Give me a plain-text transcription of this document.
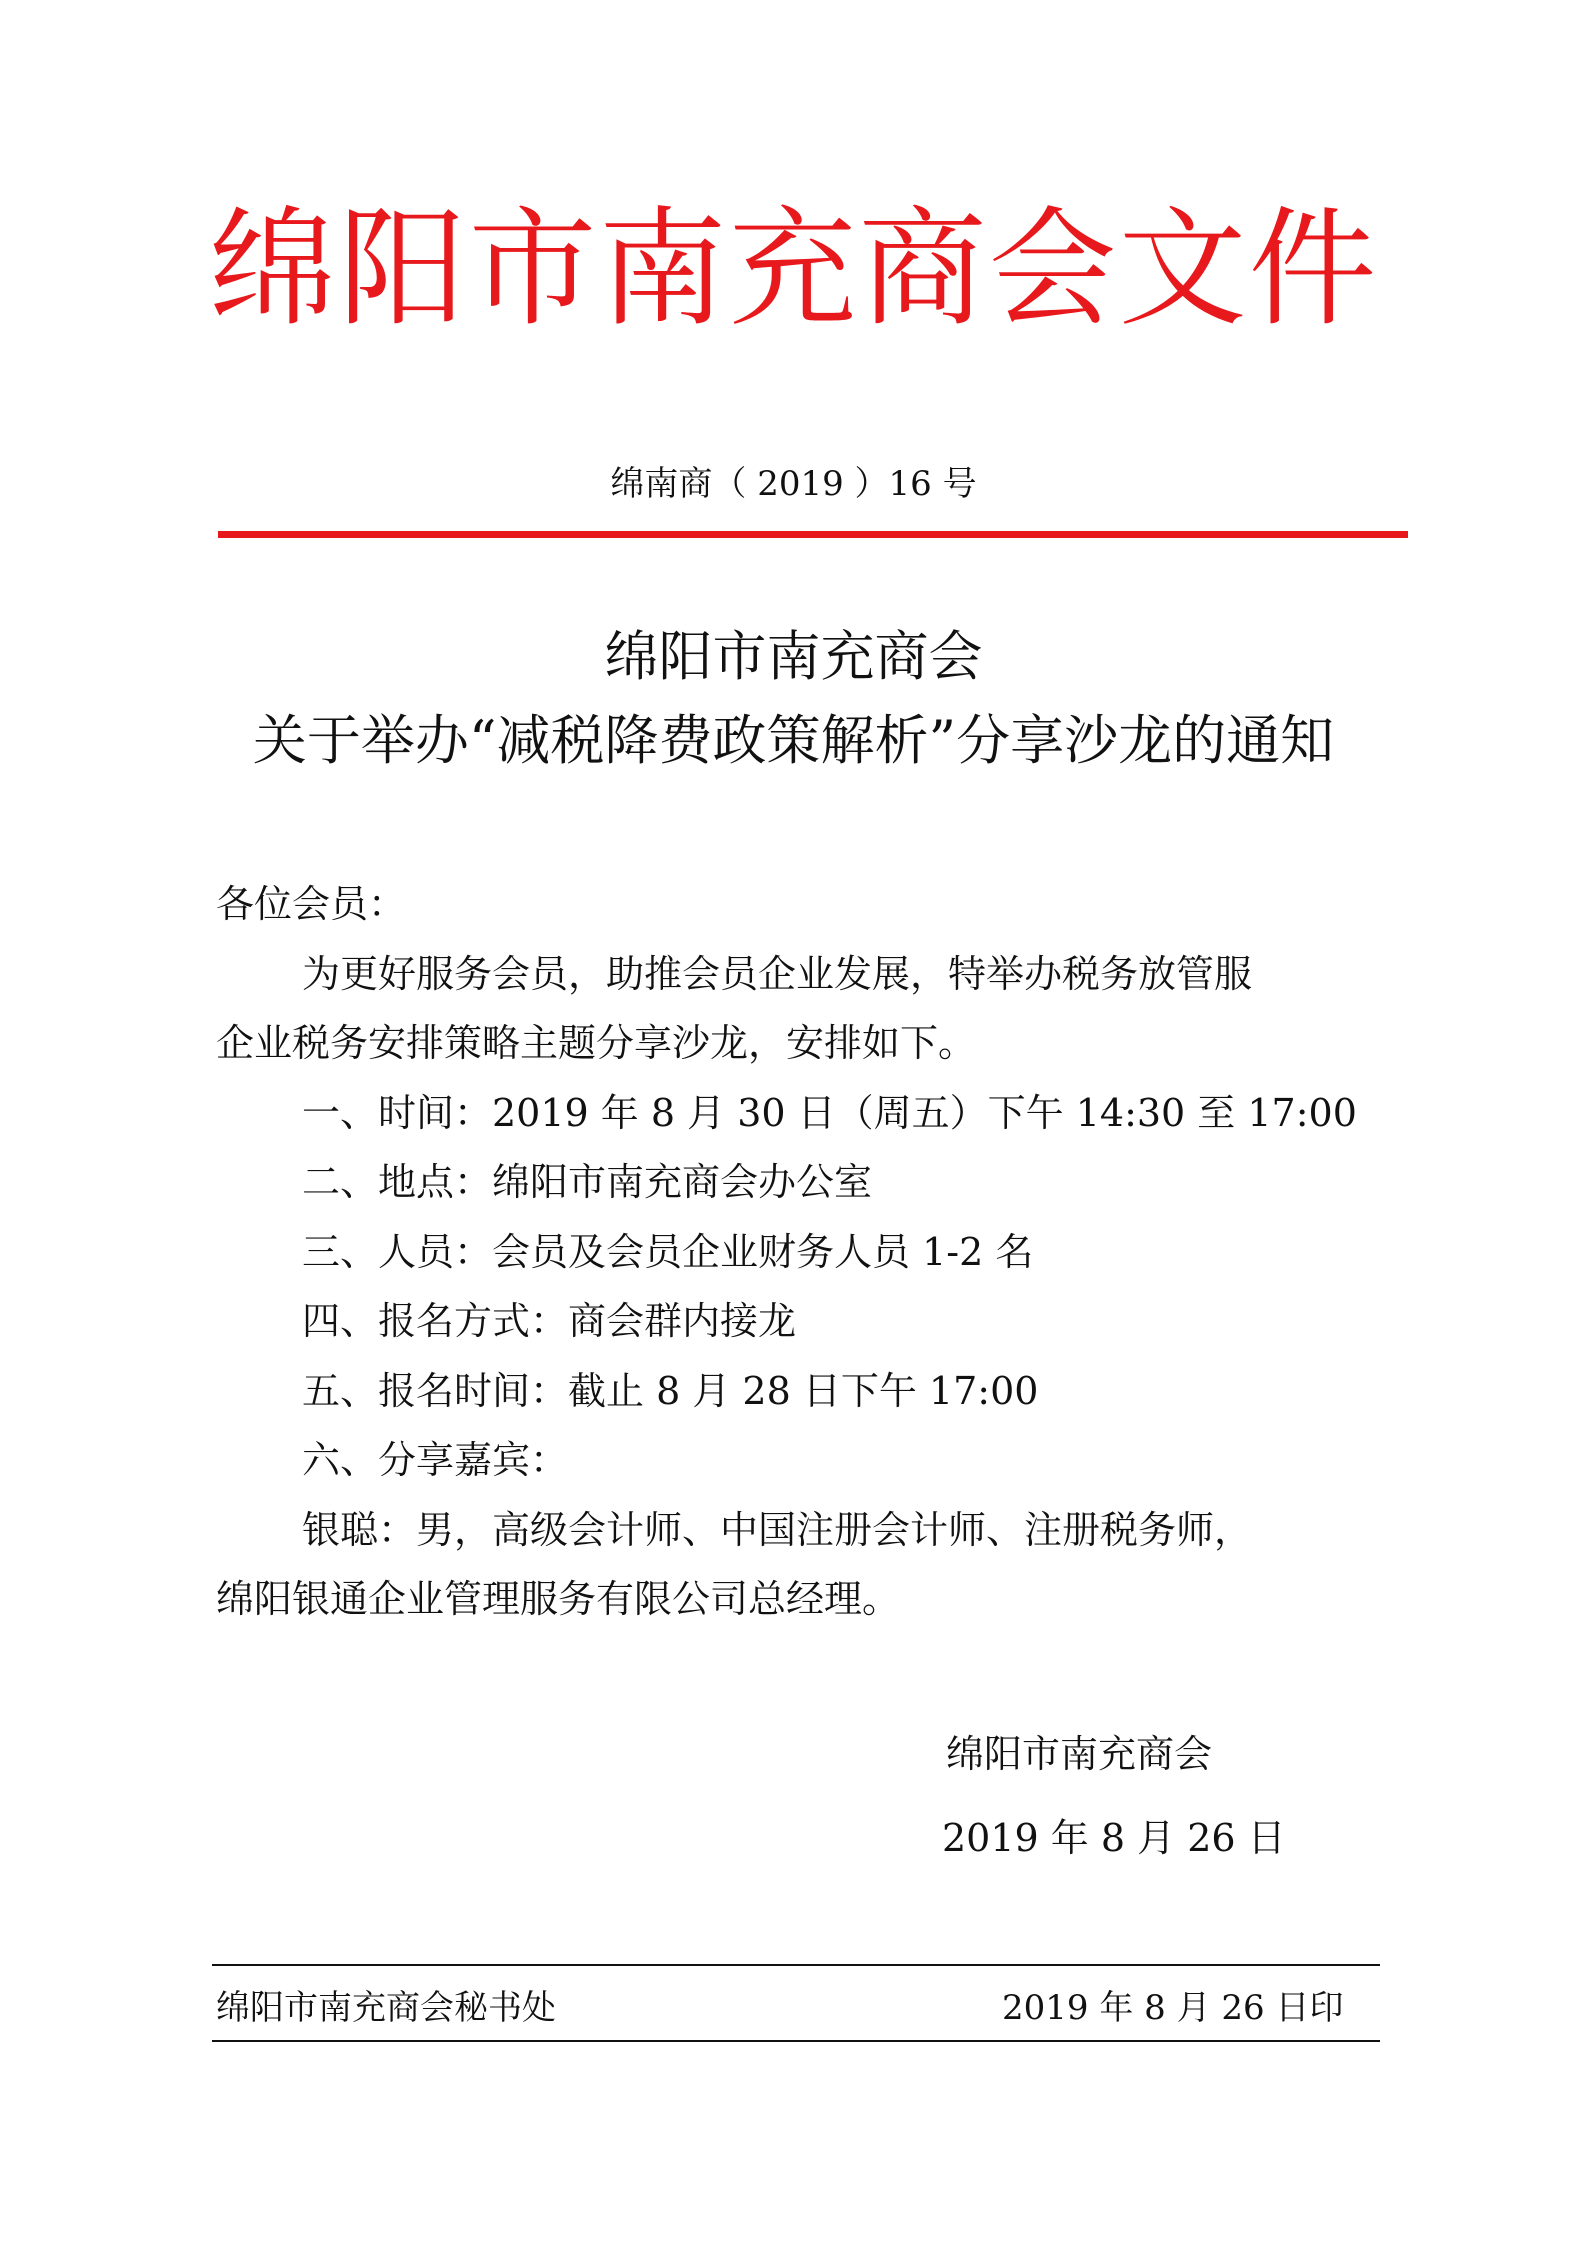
绵阳市南充商会文件
绵南商（ 2019 ）16 号
绵阳市南充商会
关于举办“减税降费政策解析”分享沙龙的通知
各位会员：
为更好服务会员，助推会员企业发展，特举办税务放管服
企业税务安排策略主题分享沙龙，安排如下。
一、时间：2019 年 8 月 30 日（周五）下午 14:30 至 17:00
二、地点：绵阳市南充商会办公室
三、人员：会员及会员企业财务人员 1-2 名
四、报名方式：商会群内接龙
五、报名时间：截止 8 月 28 日下午 17:00
六、分享嘉宾：
银聪：男，高级会计师、中国注册会计师、注册税务师，
绵阳银通企业管理服务有限公司总经理。
绵阳市南充商会
2019 年 8 月 26 日
绵阳市南充商会秘书处	2019 年 8 月 26 日印
